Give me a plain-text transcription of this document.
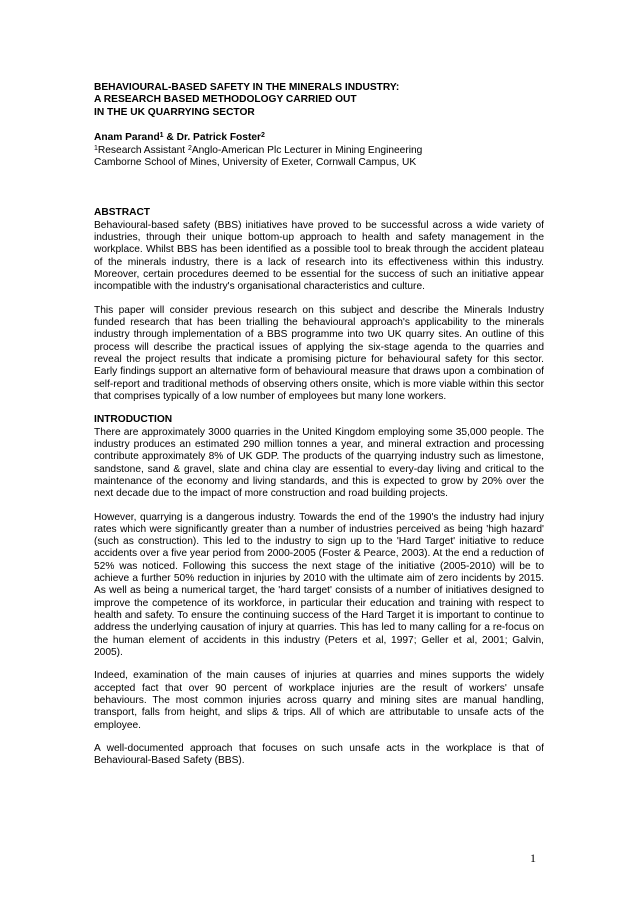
BEHAVIOURAL-BASED SAFETY IN THE MINERALS INDUSTRY:
A RESEARCH BASED METHODOLOGY CARRIED OUT
IN THE UK QUARRYING SECTOR
Anam Parand$^1$ & Dr. Patrick Foster$^2$
$^1$Research Assistant $^2$Anglo-American Plc Lecturer in Mining Engineering
Camborne School of Mines, University of Exeter, Cornwall Campus, UK
ABSTRACT

Behavioural-based safety (BBS) initiatives have proved to be successful across a wide variety of industries, through their unique bottom-up approach to health and safety management in the workplace. Whilst BBS has been identified as a possible tool to break through the accident plateau of the minerals industry, there is a lack of research into its effectiveness within this industry. Moreover, certain procedures deemed to be essential for the success of such an initiative appear incompatible with the industry's organisational characteristics and culture.

This paper will consider previous research on this subject and describe the Minerals Industry funded research that has been trialling the behavioural approach's applicability to the minerals industry through implementation of a BBS programme into two UK quarry sites. An outline of this process will describe the practical issues of applying the six-stage agenda to the quarries and reveal the project results that indicate a promising picture for behavioural safety for this sector. Early findings support an alternative form of behavioural measure that draws upon a combination of self-report and traditional methods of observing others onsite, which is more viable within this sector that comprises typically of a low number of employees but many lone workers.

INTRODUCTION

There are approximately 3000 quarries in the United Kingdom employing some 35,000 people. The industry produces an estimated 290 million tonnes a year, and mineral extraction and processing contribute approximately 8% of UK GDP. The products of the quarrying industry such as limestone, sandstone, sand & gravel, slate and china clay are essential to every-day living and critical to the maintenance of the economy and living standards, and this is expected to grow by 20% over the next decade due to the impact of more construction and road building projects.

However, quarrying is a dangerous industry. Towards the end of the 1990's the industry had injury rates which were significantly greater than a number of industries perceived as being 'high hazard' (such as construction). This led to the industry to sign up to the 'Hard Target' initiative to reduce accidents over a five year period from 2000-2005 (Foster & Pearce, 2003). At the end a reduction of 52% was noticed. Following this success the next stage of the initiative (2005-2010) will be to achieve a further 50% reduction in injuries by 2010 with the ultimate aim of zero incidents by 2015. As well as being a numerical target, the 'hard target' consists of a number of initiatives designed to improve the competence of its workforce, in particular their education and training with respect to health and safety. To ensure the continuing success of the Hard Target it is important to continue to address the underlying causation of injury at quarries. This has led to many calling for a re-focus on the human element of accidents in this industry (Peters et al, 1997; Geller et al, 2001; Galvin, 2005).

Indeed, examination of the main causes of injuries at quarries and mines supports the widely accepted fact that over 90 percent of workplace injuries are the result of workers' unsafe behaviours. The most common injuries across quarry and mining sites are manual handling, transport, falls from height, and slips & trips. All of which are attributable to unsafe acts of the employee.

A well-documented approach that focuses on such unsafe acts in the workplace is that of Behavioural-Based Safety (BBS).

1
